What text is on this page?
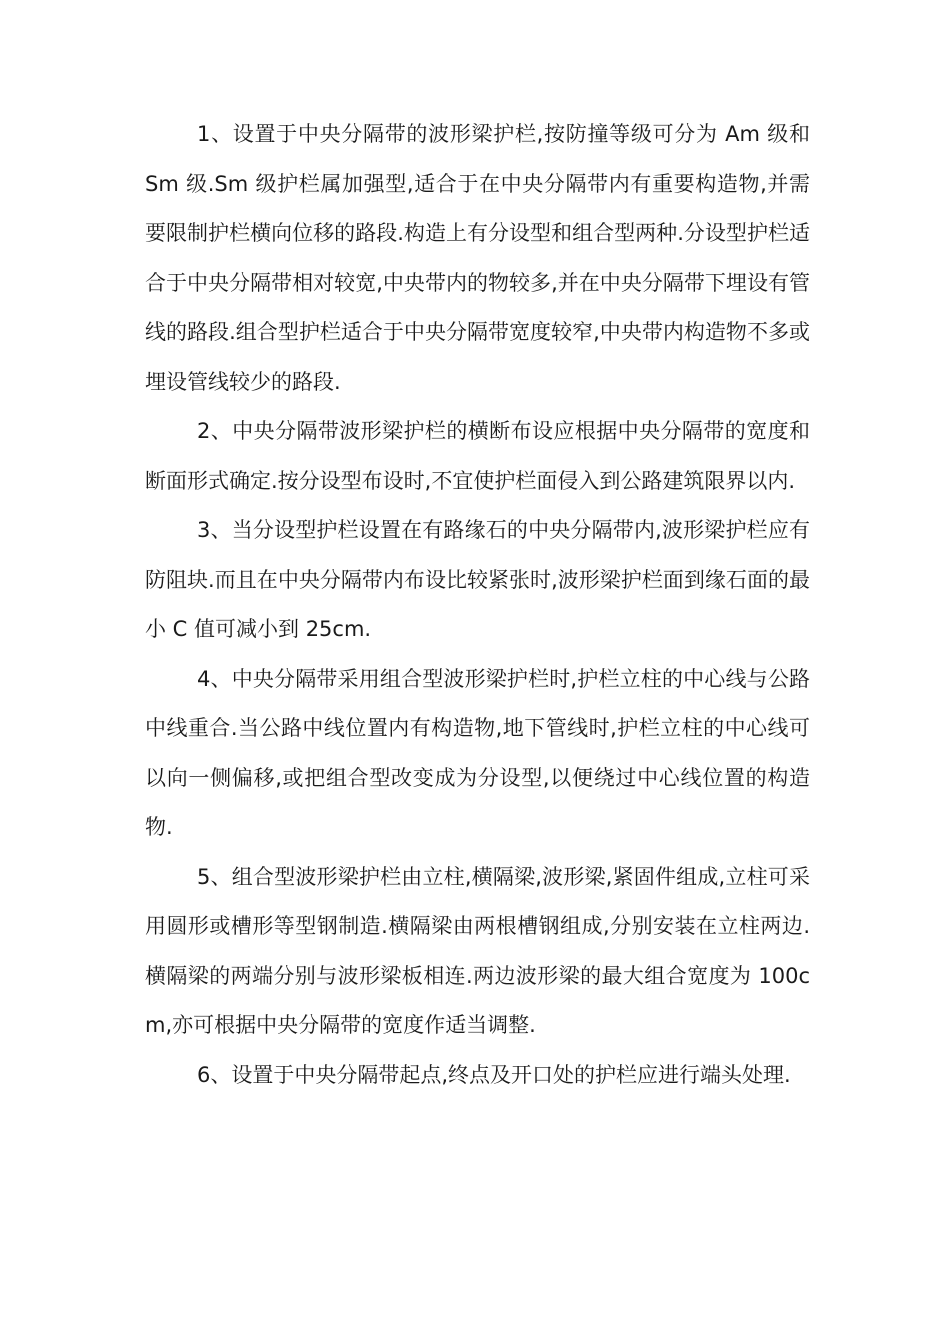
1、设置于中央分隔带的波形梁护栏,按防撞等级可分为 Am 级和 Sm 级.Sm 级护栏属加强型,适合于在中央分隔带内有重要构造物,并需要限制护栏横向位移的路段.构造上有分设型和组合型两种.分设型护栏适合于中央分隔带相对较宽,中央带内的物较多,并在中央分隔带下埋设有管线的路段.组合型护栏适合于中央分隔带宽度较窄,中央带内构造物不多或埋设管线较少的路段.

2、中央分隔带波形梁护栏的横断布设应根据中央分隔带的宽度和断面形式确定.按分设型布设时,不宜使护栏面侵入到公路建筑限界以内.

3、当分设型护栏设置在有路缘石的中央分隔带内,波形梁护栏应有防阻块.而且在中央分隔带内布设比较紧张时,波形梁护栏面到缘石面的最小 C 值可减小到 25cm.

4、中央分隔带采用组合型波形梁护栏时,护栏立柱的中心线与公路中线重合.当公路中线位置内有构造物,地下管线时,护栏立柱的中心线可以向一侧偏移,或把组合型改变成为分设型,以便绕过中心线位置的构造物.

5、组合型波形梁护栏由立柱,横隔梁,波形梁,紧固件组成,立柱可采用圆形或槽形等型钢制造.横隔梁由两根槽钢组成,分别安装在立柱两边.横隔梁的两端分别与波形梁板相连.两边波形梁的最大组合宽度为 100cm,亦可根据中央分隔带的宽度作适当调整.

6、设置于中央分隔带起点,终点及开口处的护栏应进行端头处理.
